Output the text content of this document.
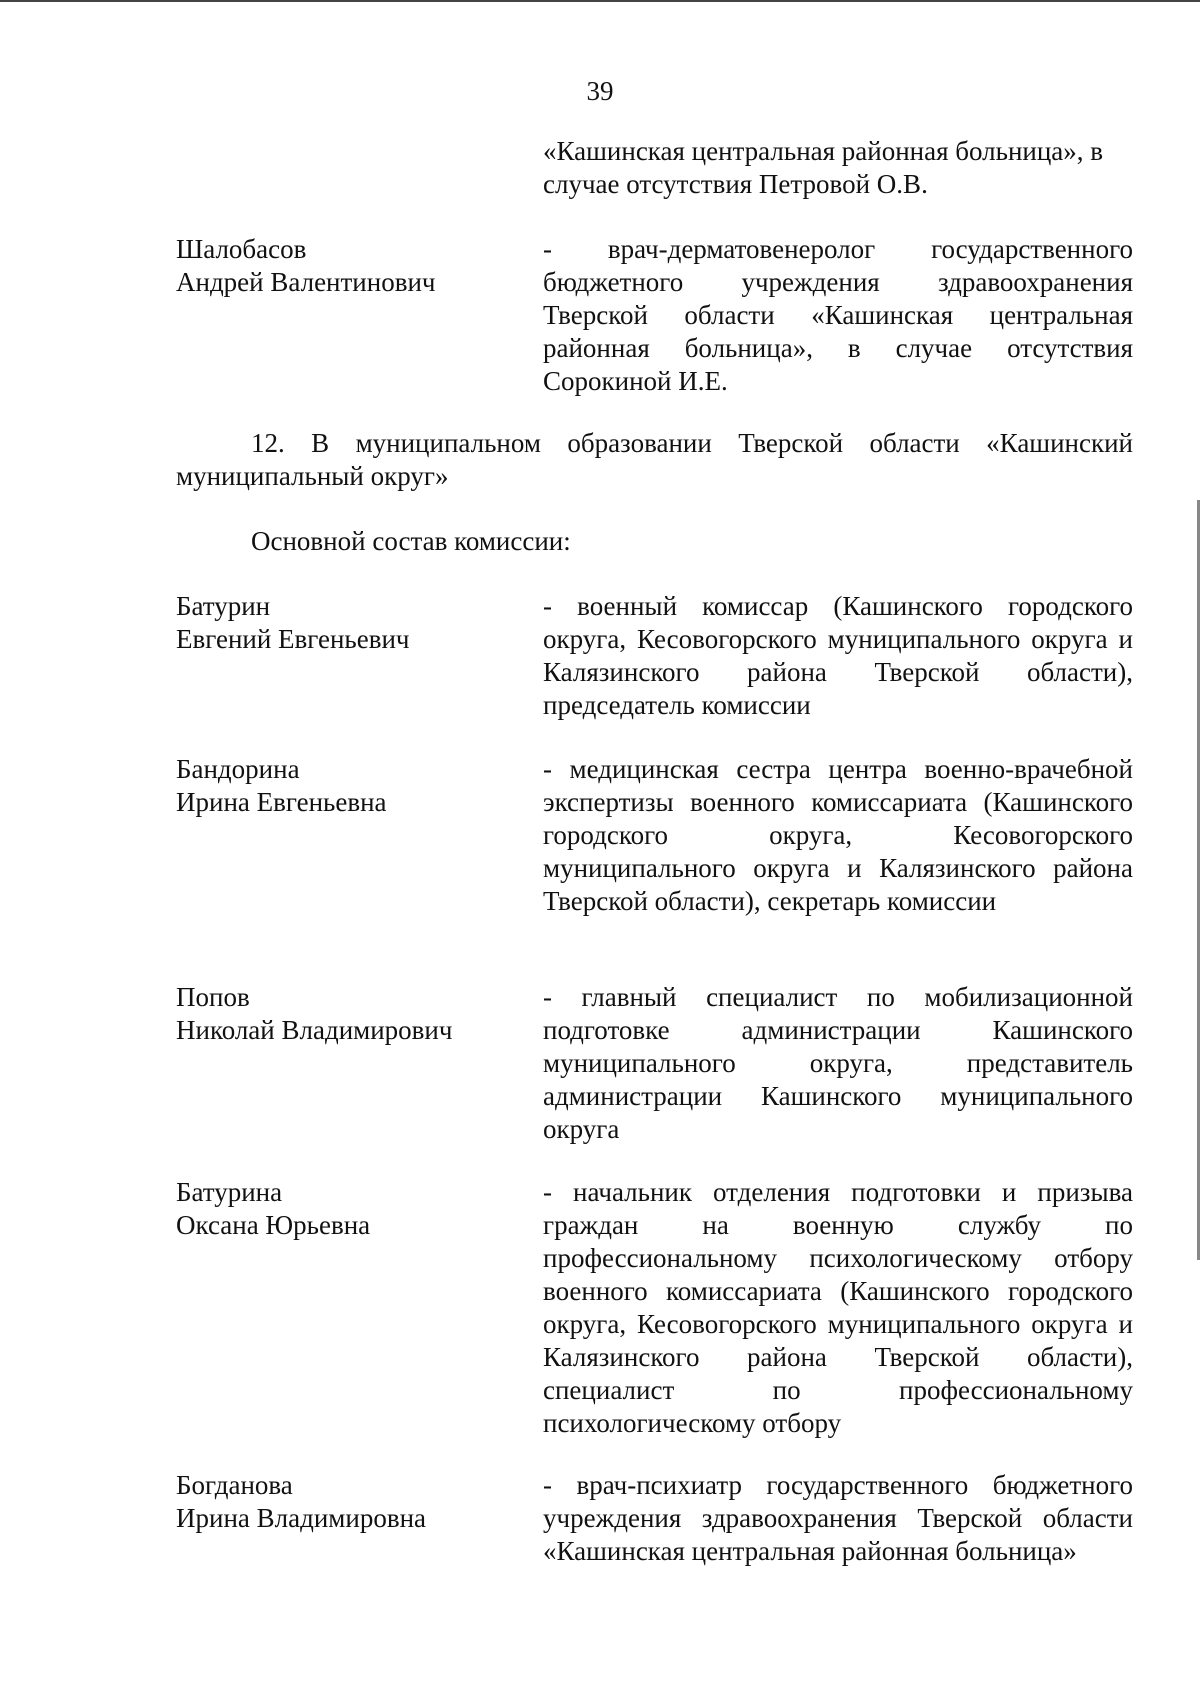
39
«Кашинская центральная районная больница», в случае отсутствия Петровой О.В.
Шалобасов
Андрей Валентинович
- врач-дерматовенеролог государственного бюджетного учреждения здравоохранения Тверской области «Кашинская центральная районная больница», в случае отсутствия Сорокиной И.Е.
12. В муниципальном образовании Тверской области «Кашинский муниципальный округ»
Основной состав комиссии:
Батурин
Евгений Евгеньевич
- военный комиссар (Кашинского городского округа, Кесовогорского муниципального округа и Калязинского района Тверской области), председатель комиссии
Бандорина
Ирина Евгеньевна
- медицинская сестра центра военно-врачебной экспертизы военного комиссариата (Кашинского городского округа, Кесовогорского муниципального округа и Калязинского района Тверской области), секретарь комиссии
Попов
Николай Владимирович
- главный специалист по мобилизационной подготовке администрации Кашинского муниципального округа, представитель администрации Кашинского муниципального округа
Батурина
Оксана Юрьевна
- начальник отделения подготовки и призыва граждан на военную службу по профессиональному психологическому отбору военного комиссариата (Кашинского городского округа, Кесовогорского муниципального округа и Калязинского района Тверской области), специалист по профессиональному психологическому отбору
Богданова
Ирина Владимировна
- врач-психиатр государственного бюджетного учреждения здравоохранения Тверской области «Кашинская центральная районная больница»
